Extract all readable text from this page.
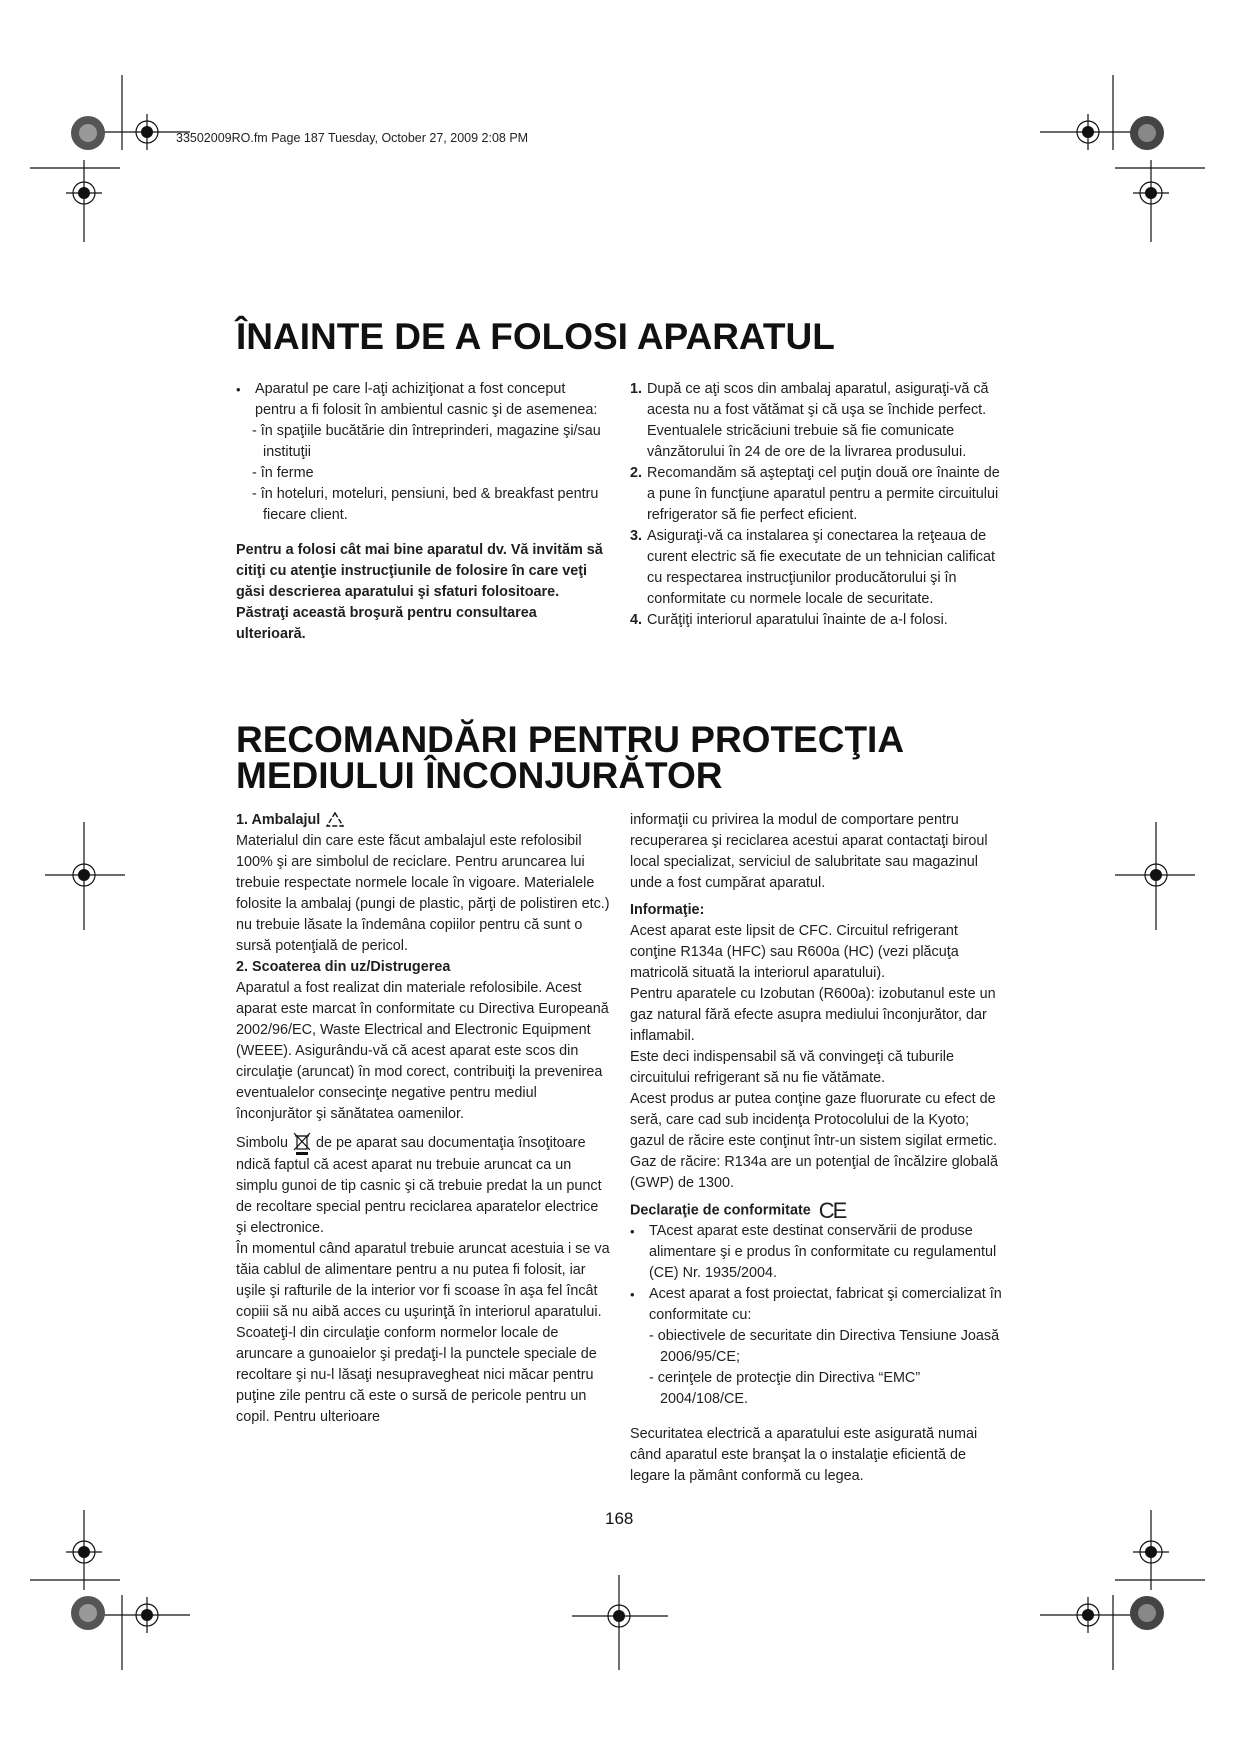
33502009RO.fm Page 187 Tuesday, October 27, 2009 2:08 PM
ÎNAINTE DE A FOLOSI APARATUL

• Aparatul pe care l-aţi achiziţionat a fost conceput pentru a fi folosit în ambientul casnic şi de asemenea:

- în spaţiile bucătărie din întreprinderi, magazine şi/sau instituţii

- în ferme

- în hoteluri, moteluri, pensiuni, bed & breakfast pentru fiecare client.

Pentru a folosi cât mai bine aparatul dv. Vă invităm să citiţi cu atenţie instrucţiunile de folosire în care veţi găsi descrierea aparatului şi sfaturi folositoare.

Păstraţi această broşură pentru consultarea ulterioară.

1. După ce aţi scos din ambalaj aparatul, asiguraţi-vă că acesta nu a fost vătămat şi că uşa se închide perfect.

Eventualele stricăciuni trebuie să fie comunicate vânzătorului în 24 de ore de la livrarea produsului.

2. Recomandăm să aşteptaţi cel puţin două ore înainte de a pune în funcţiune aparatul pentru a permite circuitului refrigerator să fie perfect eficient.

3. Asiguraţi-vă ca instalarea şi conectarea la reţeaua de curent electric să fie executate de un tehnician calificat cu respectarea instrucţiunilor producătorului şi în conformitate cu normele locale de securitate.

4. Curăţiţi interiorul aparatului înainte de a-l folosi.

RECOMANDĂRI PENTRU PROTECŢIA
MEDIULUI ÎNCONJURĂTOR

1. Ambalajul

Materialul din care este făcut ambalajul este refolosibil 100% şi are simbolul de reciclare. Pentru aruncarea lui trebuie respectate normele locale în vigoare. Materialele folosite la ambalaj (pungi de plastic, părţi de polistiren etc.) nu trebuie lăsate la îndemâna copiilor pentru că sunt o sursă potenţială de pericol.

2. Scoaterea din uz/Distrugerea

Aparatul a fost realizat din materiale refolosibile. Acest aparat este marcat în conformitate cu Directiva Europeană 2002/96/EC, Waste Electrical and Electronic Equipment (WEEE). Asigurându-vă că acest aparat este scos din circulaţie (aruncat) în mod corect, contribuiţi la prevenirea eventualelor consecinţe negative pentru mediul înconjurător şi sănătatea oamenilor.

Simbolu de pe aparat sau documentaţia însoţitoare ndică faptul că acest aparat nu trebuie aruncat ca un simplu gunoi de tip casnic şi că trebuie predat la un punct de recoltare special pentru reciclarea aparatelor electrice şi electronice.

În momentul când aparatul trebuie aruncat acestuia i se va tăia cablul de alimentare pentru a nu putea fi folosit, iar uşile şi rafturile de la interior vor fi scoase în aşa fel încât copiii să nu aibă acces cu uşurinţă în interiorul aparatului.

Scoateţi-l din circulaţie conform normelor locale de aruncare a gunoaielor şi predaţi-l la punctele speciale de recoltare şi nu-l lăsaţi nesupravegheat nici măcar pentru puţine zile pentru că este o sursă de pericole pentru un copil. Pentru ulterioare

informaţii cu privirea la modul de comportare pentru recuperarea şi reciclarea acestui aparat contactaţi biroul local specializat, serviciul de salubritate sau magazinul unde a fost cumpărat aparatul.

Informaţie:

Acest aparat este lipsit de CFC. Circuitul refrigerant conţine R134a (HFC) sau R600a (HC) (vezi plăcuţa matricolă situată la interiorul aparatului).

Pentru aparatele cu Izobutan (R600a): izobutanul este un gaz natural fără efecte asupra mediului înconjurător, dar inflamabil.

Este deci indispensabil să vă convingeţi că tuburile circuitului refrigerant să nu fie vătămate.

Acest produs ar putea conţine gaze fluorurate cu efect de seră, care cad sub incidenţa Protocolului de la Kyoto; gazul de răcire este conţinut într-un sistem sigilat ermetic.

Gaz de răcire: R134a are un potenţial de încălzire globală (GWP) de 1300.

Declaraţie de conformitate CE

• TAcest aparat este destinat conservării de produse alimentare şi e produs în conformitate cu regulamentul (CE) Nr. 1935/2004.

• Acest aparat a fost proiectat, fabricat şi comercializat în conformitate cu:

- obiectivele de securitate din Directiva Tensiune Joasă 2006/95/CE;

- cerinţele de protecţie din Directiva “EMC” 2004/108/CE.

Securitatea electrică a aparatului este asigurată numai când aparatul este branşat la o instalaţie eficientă de legare la pământ conformă cu legea.

168
